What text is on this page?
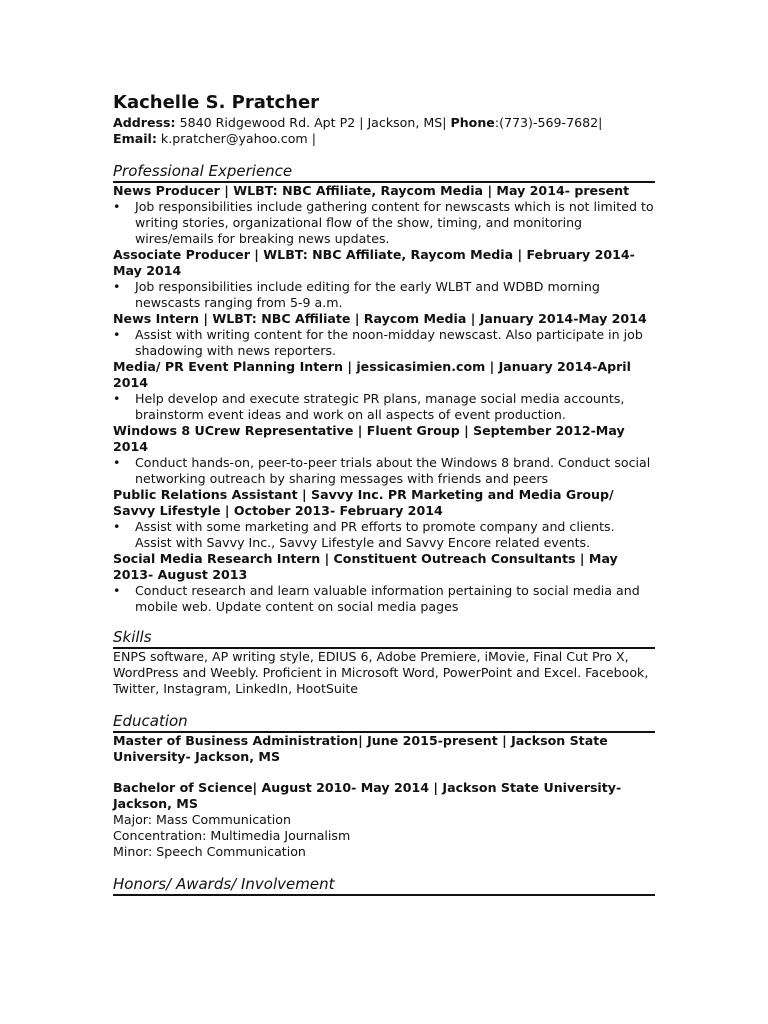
Kachelle S. Pratcher
Address: 5840 Ridgewood Rd. Apt P2 | Jackson, MS| Phone:(773)-569-7682|
Email: k.pratcher@yahoo.com |
Professional Experience
News Producer | WLBT: NBC Affiliate, Raycom Media | May 2014- present
•	Job responsibilities include gathering content for newscasts which is not limited to writing stories, organizational flow of the show, timing, and monitoring wires/emails for breaking news updates.
Associate Producer | WLBT: NBC Affiliate, Raycom Media | February 2014-May 2014
•	Job responsibilities include editing for the early WLBT and WDBD morning newscasts ranging from 5-9 a.m.
News Intern | WLBT: NBC Affiliate | Raycom Media | January 2014-May 2014
•	Assist with writing content for the noon-midday newscast. Also participate in job shadowing with news reporters.
Media/ PR Event Planning Intern | jessicasimien.com | January 2014-April 2014
•	Help develop and execute strategic PR plans, manage social media accounts, brainstorm event ideas and work on all aspects of event production.
Windows 8 UCrew Representative | Fluent Group | September 2012-May 2014
•	Conduct hands-on, peer-to-peer trials about the Windows 8 brand. Conduct social networking outreach by sharing messages with friends and peers
Public Relations Assistant | Savvy Inc. PR Marketing and Media Group/ Savvy Lifestyle | October 2013- February 2014
•	Assist with some marketing and PR efforts to promote company and clients. Assist with Savvy Inc., Savvy Lifestyle and Savvy Encore related events.
Social Media Research Intern | Constituent Outreach Consultants | May 2013- August 2013
•	Conduct research and learn valuable information pertaining to social media and mobile web. Update content on social media pages
Skills
ENPS software, AP writing style, EDIUS 6, Adobe Premiere, iMovie, Final Cut Pro X, WordPress and Weebly. Proficient in Microsoft Word, PowerPoint and Excel. Facebook, Twitter, Instagram, LinkedIn, HootSuite
Education
Master of Business Administration| June 2015-present | Jackson State University- Jackson, MS
Bachelor of Science| August 2010- May 2014 | Jackson State University- Jackson, MS
Major: Mass Communication
Concentration: Multimedia Journalism
Minor: Speech Communication
Honors/ Awards/ Involvement
